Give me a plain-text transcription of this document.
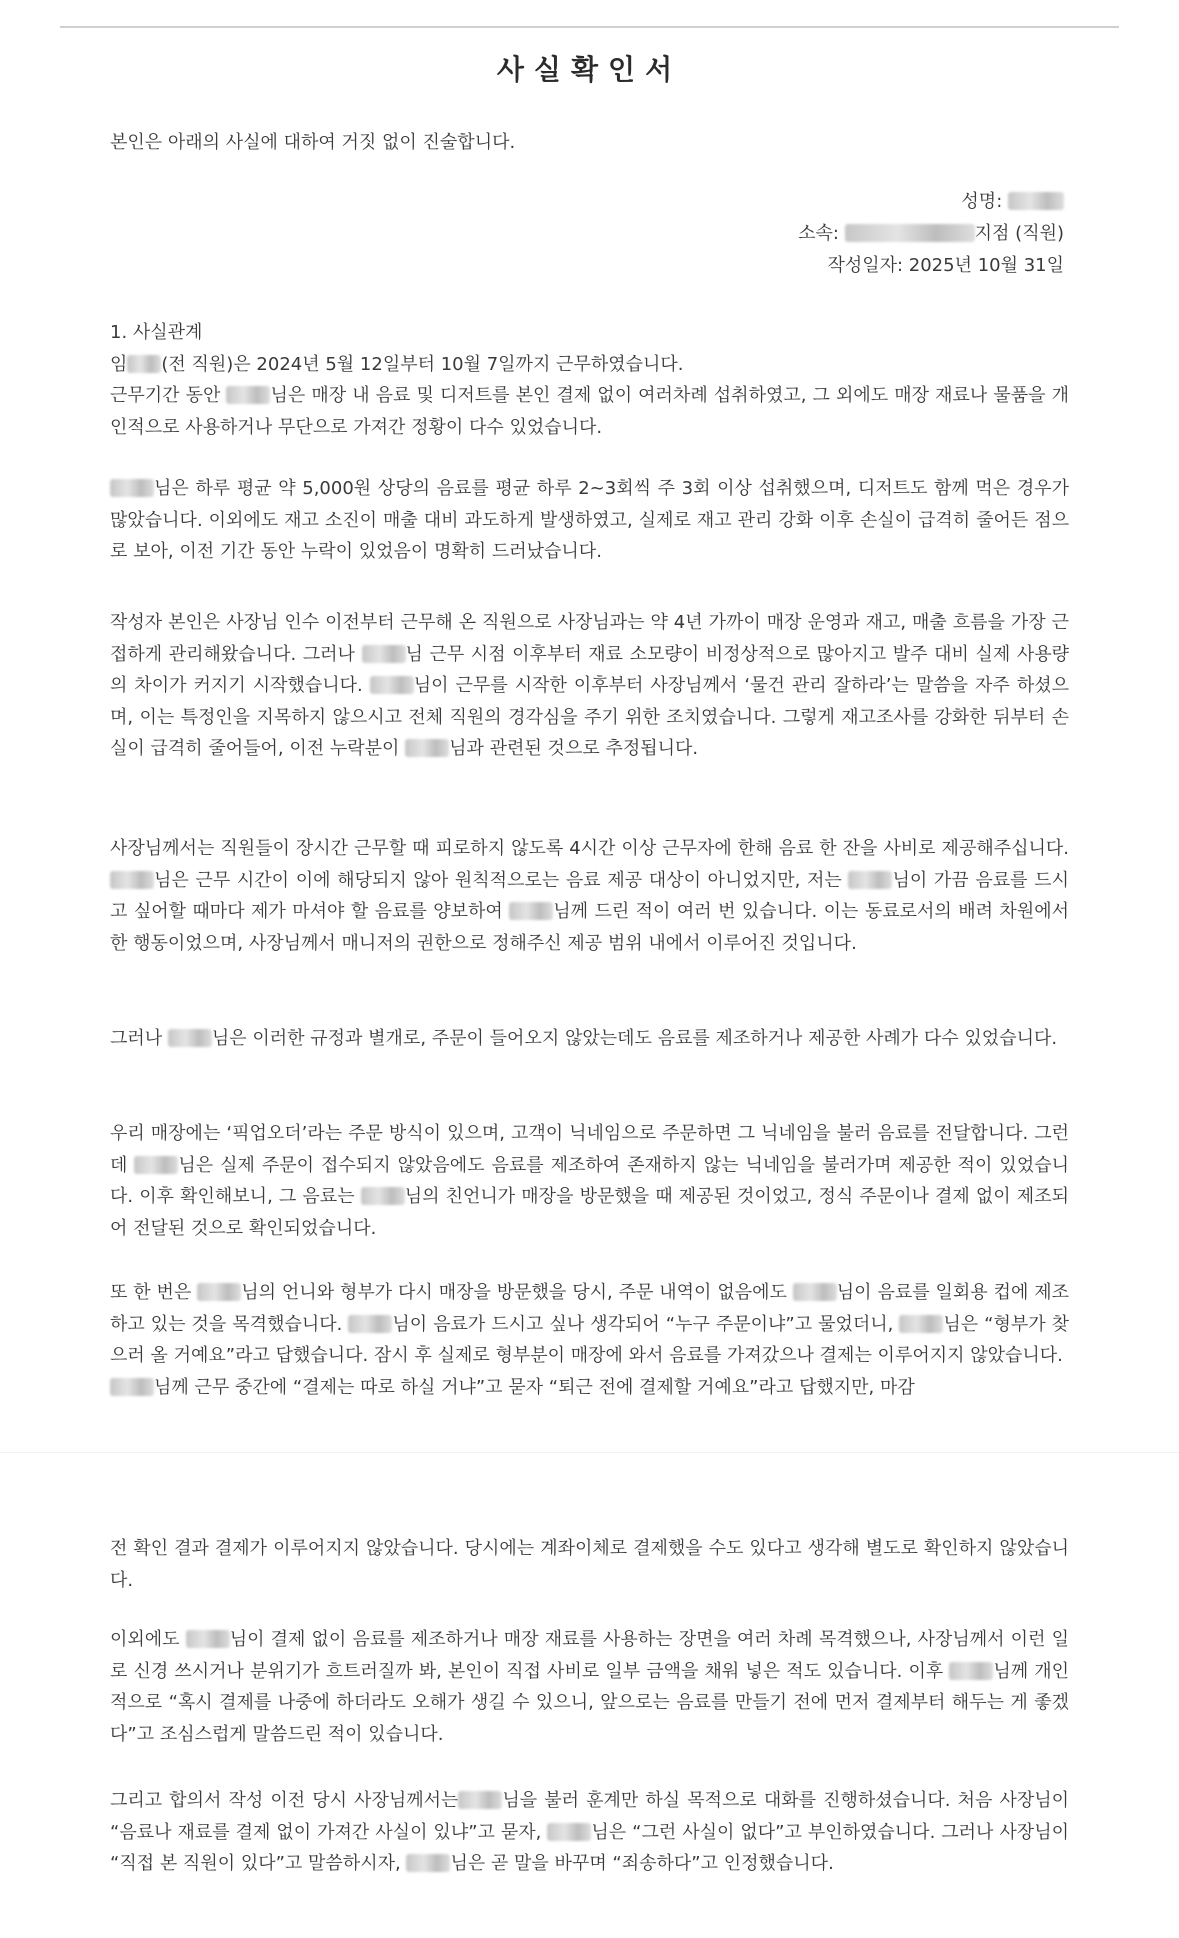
사실확인서
본인은 아래의 사실에 대하여 거짓 없이 진술합니다.
성명:
소속:	지점 (직원)
작성일자: 2025년 10월 31일

1. 사실관계

임 (전 직원)은 2024년 5월 12일부터 10월 7일까지 근무하였습니다.

근무기간 동안	님은 매장 내 음료 및 디저트를 본인 결제 없이 여러차례 섭취하였고, 그 외에도 매장 재료나 물품을 개인적으로 사용하거나 무단으로 가져간 정황이 다수 있었습니다.

님은 하루 평균 약 5,000원 상당의 음료를 평균 하루 2~3회씩 주 3회 이상 섭취했으며, 디저트도 함께 먹은 경우가 많았습니다. 이외에도 재고 소진이 매출 대비 과도하게 발생하였고, 실제로 재고 관리 강화 이후 손실이 급격히 줄어든 점으로 보아, 이전 기간 동안 누락이 있었음이 명확히 드러났습니다.

작성자 본인은 사장님 인수 이전부터 근무해 온 직원으로 사장님과는 약 4년 가까이 매장 운영과 재고, 매출 흐름을 가장 근접하게 관리해왔습니다. 그러나	님 근무 시점 이후부터 재료 소모량이 비정상적으로 많아지고 발주 대비 실제 사용량의 차이가 커지기 시작했습니다.	님이 근무를 시작한 이후부터 사장님께서 ‘물건 관리 잘하라’는 말씀을 자주 하셨으며, 이는 특정인을 지목하지 않으시고 전체 직원의 경각심을 주기 위한 조치였습니다. 그렇게 재고조사를 강화한 뒤부터 손실이 급격히 줄어들어, 이전 누락분이	님과 관련된 것으로 추정됩니다.

사장님께서는 직원들이 장시간 근무할 때 피로하지 않도록 4시간 이상 근무자에 한해 음료 한 잔을 사비로 제공해주십니다. 님은 근무 시간이 이에 해당되지 않아 원칙적으로는 음료 제공 대상이 아니었지만, 저는	님이 가끔 음료를 드시고 싶어할 때마다 제가 마셔야 할 음료를 양보하여	님께 드린 적이 여러 번 있습니다. 이는 동료로서의 배려 차원에서 한 행동이었으며, 사장님께서 매니저의 권한으로 정해주신 제공 범위 내에서 이루어진 것입니다.

그러나	님은 이러한 규정과 별개로, 주문이 들어오지 않았는데도 음료를 제조하거나 제공한 사례가 다수 있었습니다.

우리 매장에는 ‘픽업오더’라는 주문 방식이 있으며, 고객이 닉네임으로 주문하면 그 닉네임을 불러 음료를 전달합니다. 그런데	님은 실제 주문이 접수되지 않았음에도 음료를 제조하여 존재하지 않는 닉네임을 불러가며 제공한 적이 있었습니다. 이후 확인해보니, 그 음료는	님의 친언니가 매장을 방문했을 때 제공된 것이었고, 정식 주문이나 결제 없이 제조되어 전달된 것으로 확인되었습니다.

또 한 번은	님의 언니와 형부가 다시 매장을 방문했을 당시, 주문 내역이 없음에도	님이 음료를 일회용 컵에 제조하고 있는 것을 목격했습니다.	님이 음료가 드시고 싶나 생각되어 “누구 주문이냐”고 물었더니,	님은 “형부가 찾으러 올 거예요”라고 답했습니다. 잠시 후 실제로 형부분이 매장에 와서 음료를 가져갔으나 결제는 이루어지지 않았습니다.

님께 근무 중간에 “결제는 따로 하실 거냐”고 묻자 “퇴근 전에 결제할 거예요”라고 답했지만, 마감

전 확인 결과 결제가 이루어지지 않았습니다. 당시에는 계좌이체로 결제했을 수도 있다고 생각해 별도로 확인하지 않았습니다.

이외에도	님이 결제 없이 음료를 제조하거나 매장 재료를 사용하는 장면을 여러 차례 목격했으나, 사장님께서 이런 일로 신경 쓰시거나 분위기가 흐트러질까 봐, 본인이 직접 사비로 일부 금액을 채워 넣은 적도 있습니다. 이후	님께 개인적으로 “혹시 결제를 나중에 하더라도 오해가 생길 수 있으니, 앞으로는 음료를 만들기 전에 먼저 결제부터 해두는 게 좋겠다”고 조심스럽게 말씀드린 적이 있습니다.

그리고 합의서 작성 이전 당시 사장님께서는 님을 불러 훈계만 하실 목적으로 대화를 진행하셨습니다. 처음 사장님이 “음료나 재료를 결제 없이 가져간 사실이 있냐”고 묻자,	님은 “그런 사실이 없다”고 부인하였습니다. 그러나 사장님이 “직접 본 직원이 있다”고 말씀하시자,	님은 곧 말을 바꾸며 “죄송하다”고 인정했습니다.
